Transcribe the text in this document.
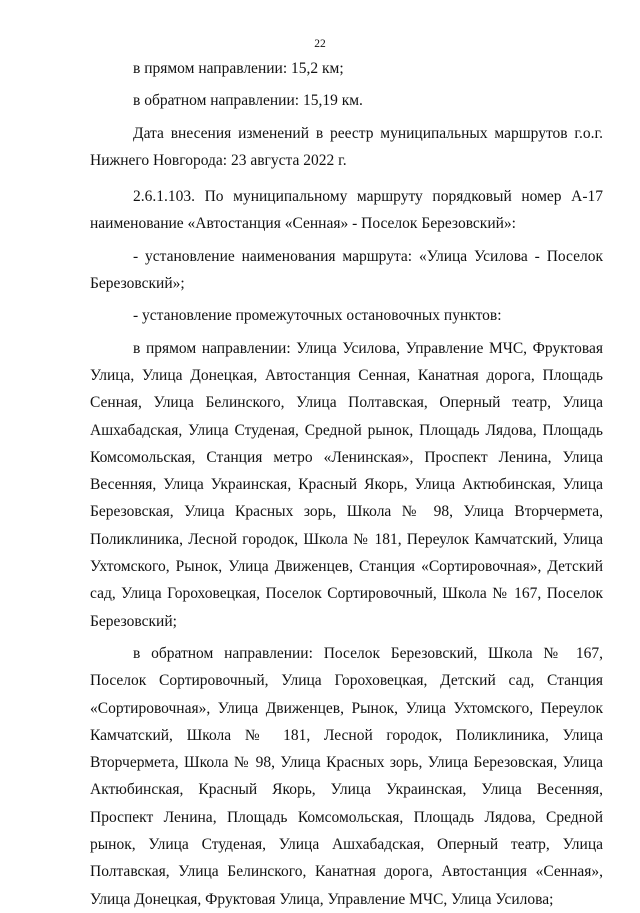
22

в прямом направлении: 15,2 км;

в обратном направлении: 15,19 км.

Дата внесения изменений в реестр муниципальных маршрутов г.о.г. Нижнего Новгорода: 23 августа 2022 г.

2.6.1.103. По муниципальному маршруту порядковый номер А-17 наименование «Автостанция «Сенная» - Поселок Березовский»:

- установление наименования маршрута: «Улица Усилова - Поселок Березовский»;

- установление промежуточных остановочных пунктов:

в прямом направлении: Улица Усилова, Управление МЧС, Фруктовая Улица, Улица Донецкая, Автостанция Сенная, Канатная дорога, Площадь Сенная, Улица Белинского, Улица Полтавская, Оперный театр, Улица Ашхабадская, Улица Студеная, Средной рынок, Площадь Лядова, Площадь Комсомольская, Станция метро «Ленинская», Проспект Ленина, Улица Весенняя, Улица Украинская, Красный Якорь, Улица Актюбинская, Улица Березовская, Улица Красных зорь, Школа № 98, Улица Вторчермета, Поликлиника, Лесной городок, Школа № 181, Переулок Камчатский, Улица Ухтомского, Рынок, Улица Движенцев, Станция «Сортировочная», Детский сад, Улица Гороховецкая, Поселок Сортировочный, Школа № 167, Поселок Березовский;

в обратном направлении: Поселок Березовский, Школа № 167, Поселок Сортировочный, Улица Гороховецкая, Детский сад, Станция «Сортировочная», Улица Движенцев, Рынок, Улица Ухтомского, Переулок Камчатский, Школа № 181, Лесной городок, Поликлиника, Улица Вторчермета, Школа № 98, Улица Красных зорь, Улица Березовская, Улица Актюбинская, Красный Якорь, Улица Украинская, Улица Весенняя, Проспект Ленина, Площадь Комсомольская, Площадь Лядова, Средной рынок, Улица Студеная, Улица Ашхабадская, Оперный театр, Улица Полтавская, Улица Белинского, Канатная дорога, Автостанция «Сенная», Улица Донецкая, Фруктовая Улица, Управление МЧС, Улица Усилова;
